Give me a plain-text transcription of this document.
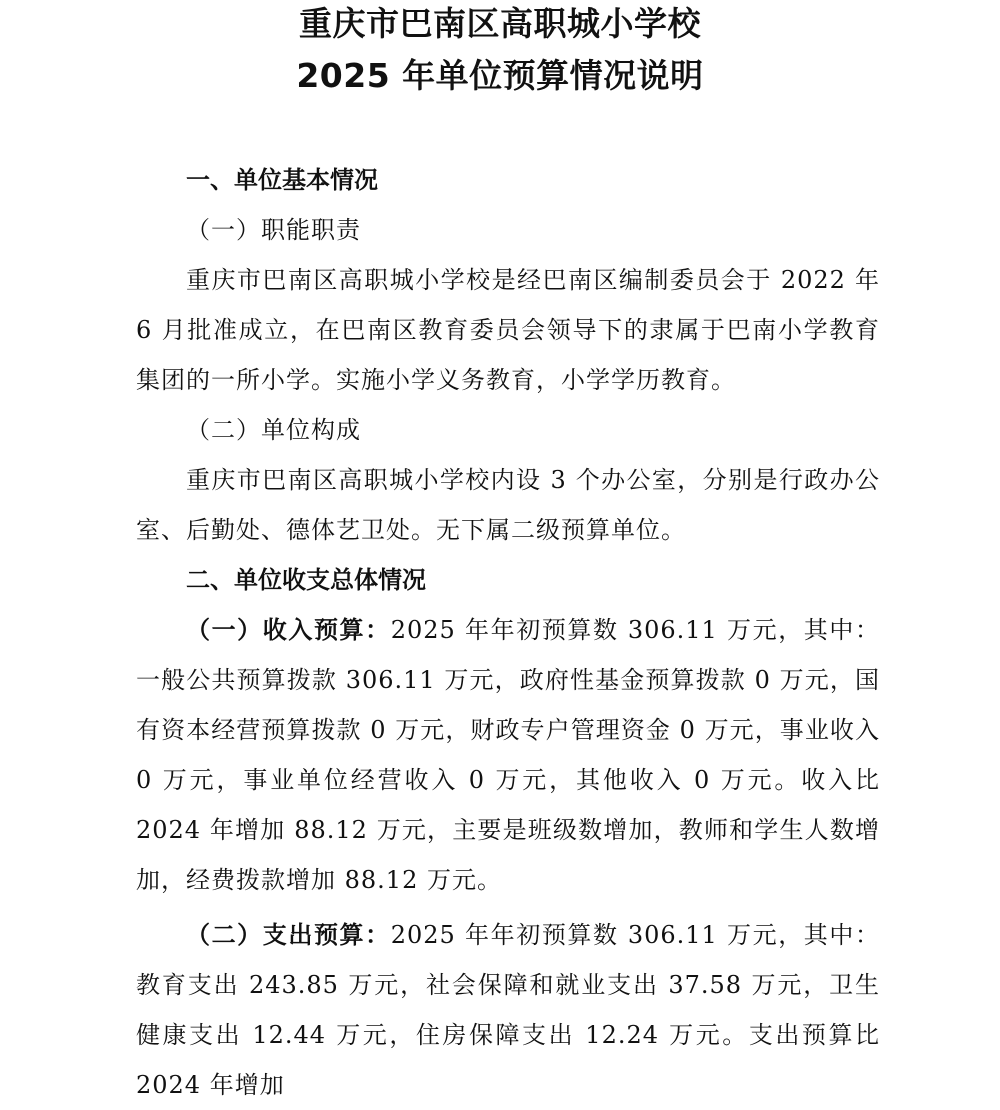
重庆市巴南区高职城小学校
2025 年单位预算情况说明
一、单位基本情况
（一）职能职责

重庆市巴南区高职城小学校是经巴南区编制委员会于 2022 年 6 月批准成立，在巴南区教育委员会领导下的隶属于巴南小学教育集团的一所小学。实施小学义务教育，小学学历教育。

（二）单位构成

重庆市巴南区高职城小学校内设 3 个办公室，分别是行政办公室、后勤处、德体艺卫处。无下属二级预算单位。

二、单位收支总体情况

（一）收入预算：2025 年年初预算数 306.11 万元，其中：一般公共预算拨款 306.11 万元，政府性基金预算拨款 0 万元，国有资本经营预算拨款 0 万元，财政专户管理资金 0 万元，事业收入 0 万元，事业单位经营收入 0 万元，其他收入 0 万元。收入比 2024 年增加 88.12 万元，主要是班级数增加，教师和学生人数增加，经费拨款增加 88.12 万元。

（二）支出预算：2025 年年初预算数 306.11 万元，其中：教育支出 243.85 万元，社会保障和就业支出 37.58 万元，卫生健康支出 12.44 万元，住房保障支出 12.24 万元。支出预算比 2024 年增加
